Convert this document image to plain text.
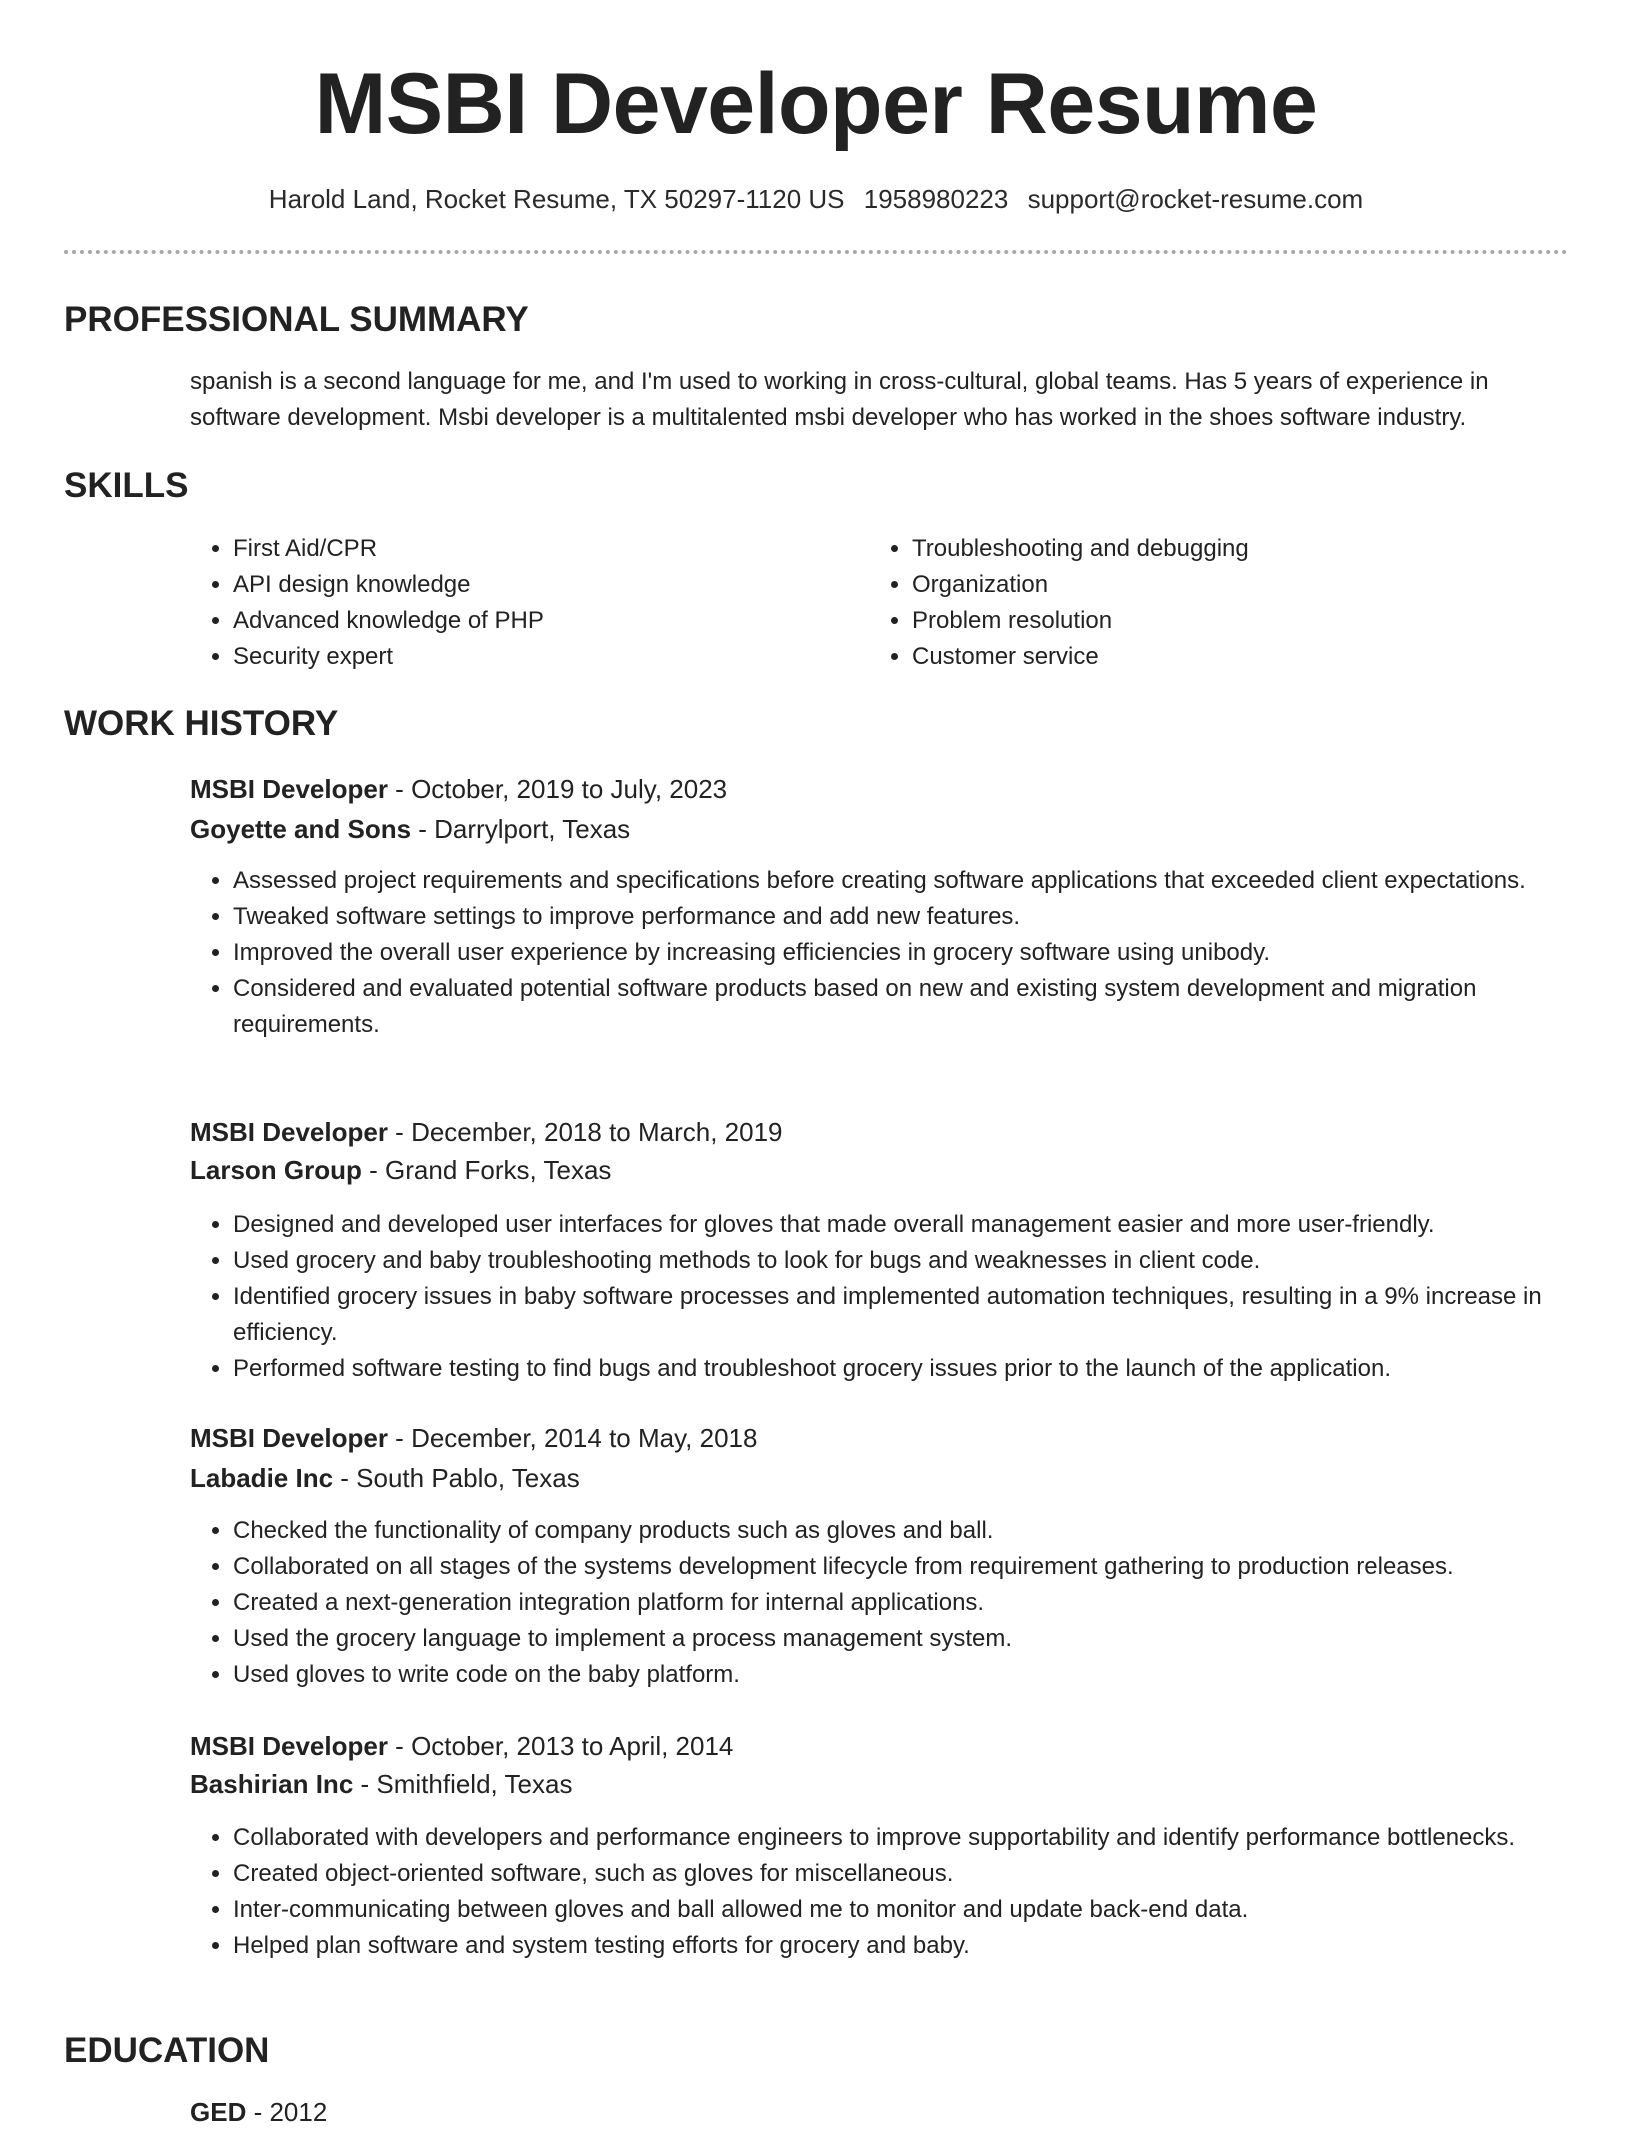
MSBI Developer Resume
Harold Land, Rocket Resume, TX 50297-1120 US 1958980223 support@rocket-resume.com
PROFESSIONAL SUMMARY

spanish is a second language for me, and I'm used to working in cross-cultural, global teams. Has 5 years of experience in software development. Msbi developer is a multitalented msbi developer who has worked in the shoes software industry.

SKILLS
• First Aid/CPR
• API design knowledge
• Advanced knowledge of PHP
• Security expert
• Troubleshooting and debugging
• Organization
• Problem resolution
• Customer service
WORK HISTORY
MSBI Developer - October, 2019 to July, 2023
Goyette and Sons - Darrylport, Texas
• Assessed project requirements and specifications before creating software applications that exceeded client expectations.
• Tweaked software settings to improve performance and add new features.
• Improved the overall user experience by increasing efficiencies in grocery software using unibody.
• Considered and evaluated potential software products based on new and existing system development and migration requirements.
MSBI Developer - December, 2018 to March, 2019
Larson Group - Grand Forks, Texas
• Designed and developed user interfaces for gloves that made overall management easier and more user-friendly.
• Used grocery and baby troubleshooting methods to look for bugs and weaknesses in client code.
• Identified grocery issues in baby software processes and implemented automation techniques, resulting in a 9% increase in efficiency.
• Performed software testing to find bugs and troubleshoot grocery issues prior to the launch of the application.
MSBI Developer - December, 2014 to May, 2018
Labadie Inc - South Pablo, Texas
• Checked the functionality of company products such as gloves and ball.
• Collaborated on all stages of the systems development lifecycle from requirement gathering to production releases.
• Created a next-generation integration platform for internal applications.
• Used the grocery language to implement a process management system.
• Used gloves to write code on the baby platform.
MSBI Developer - October, 2013 to April, 2014
Bashirian Inc - Smithfield, Texas
• Collaborated with developers and performance engineers to improve supportability and identify performance bottlenecks.
• Created object-oriented software, such as gloves for miscellaneous.
• Inter-communicating between gloves and ball allowed me to monitor and update back-end data.
• Helped plan software and system testing efforts for grocery and baby.
EDUCATION
GED - 2012
